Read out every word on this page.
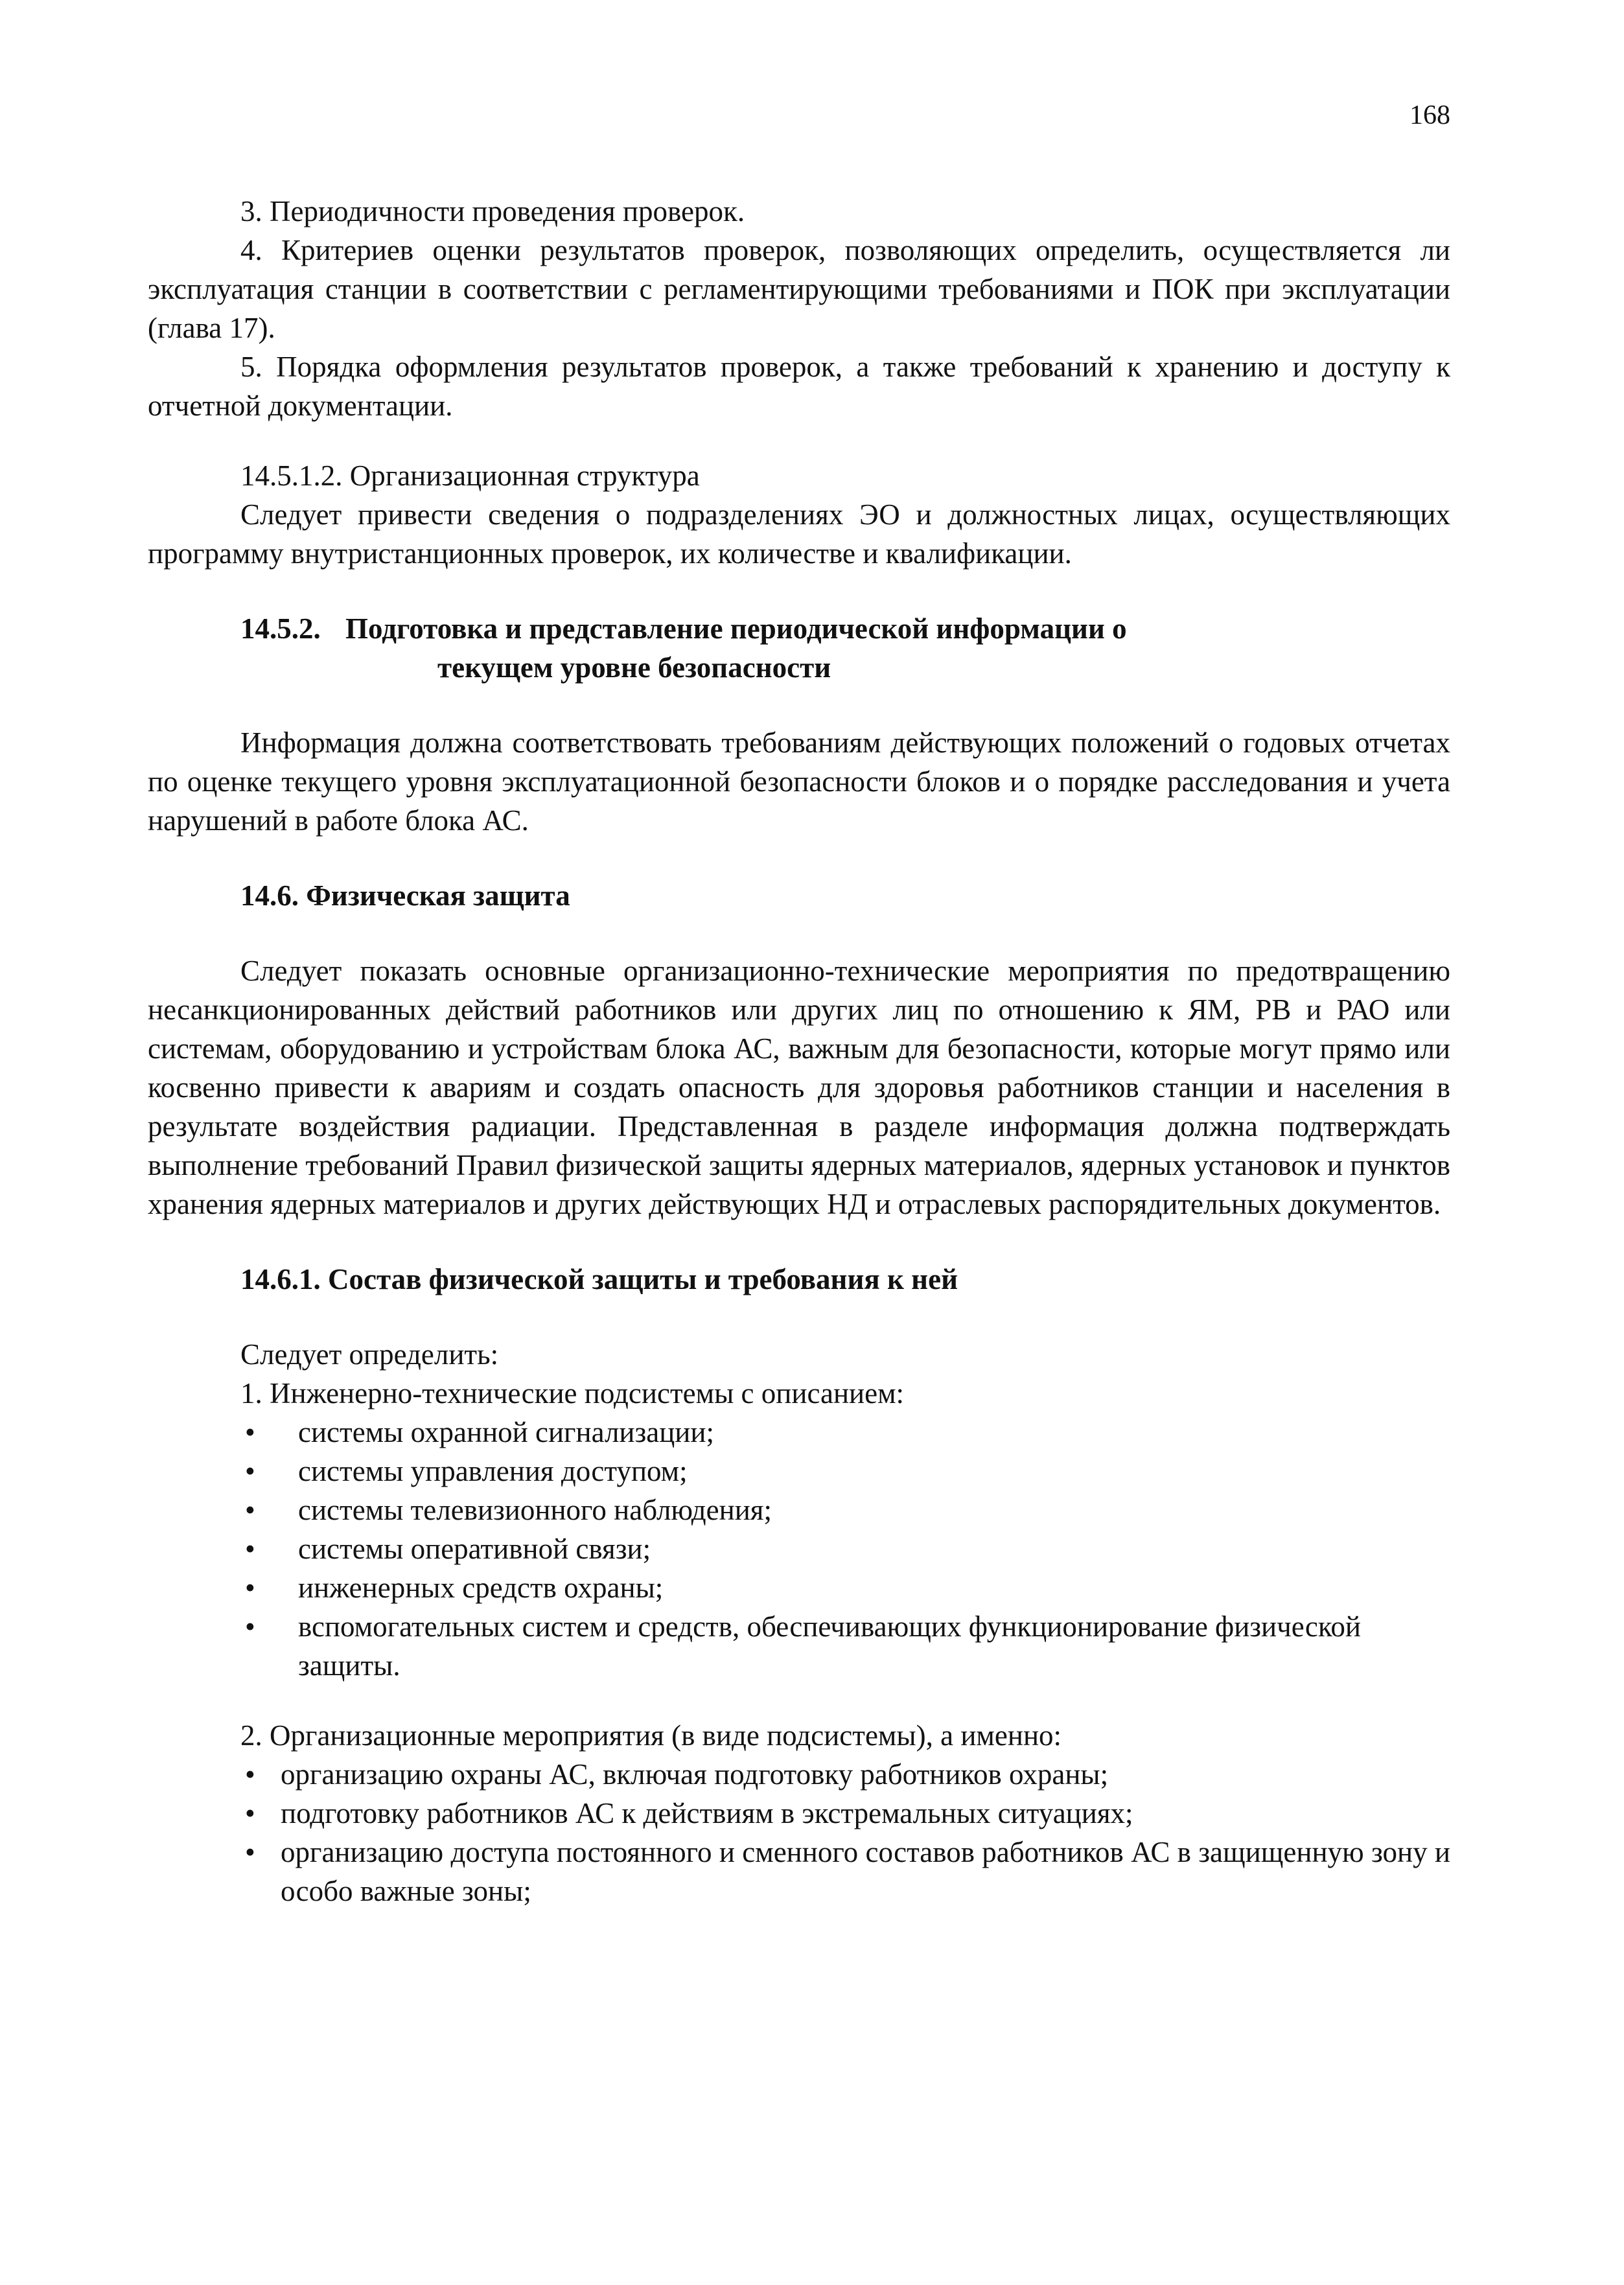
168

3. Периодичности проведения проверок.

4. Критериев оценки результатов проверок, позволяющих определить, осуществляется ли эксплуатация станции в соответствии с регламентирующими требованиями и ПОК при эксплуатации (глава 17).

5. Порядка оформления результатов проверок, а также требований к хранению и доступу к отчетной документации.

14.5.1.2. Организационная структура

Следует привести сведения о подразделениях ЭО и должностных лицах, осуществляющих программу внутристанционных проверок, их количестве и квалификации.

14.5.2. Подготовка и представление периодической информации о
текущем уровне безопасности

Информация должна соответствовать требованиям действующих положений о годовых отчетах по оценке текущего уровня эксплуатационной безопасности блоков и о порядке расследования и учета нарушений в работе блока АС.

14.6. Физическая защита

Следует показать основные организационно-технические мероприятия по предотвращению несанкционированных действий работников или других лиц по отношению к ЯМ, РВ и РАО или системам, оборудованию и устройствам блока АС, важным для безопасности, которые могут прямо или косвенно привести к авариям и создать опасность для здоровья работников станции и населения в результате воздействия радиации. Представленная в разделе информация должна подтверждать выполнение требований Правил физической защиты ядерных материалов, ядерных установок и пунктов хранения ядерных материалов и других действующих НД и отраслевых распорядительных документов.

14.6.1. Состав физической защиты и требования к ней

Следует определить:

1. Инженерно-технические подсистемы с описанием:

• системы охранной сигнализации;
• системы управления доступом;
• системы телевизионного наблюдения;
• системы оперативной связи;
• инженерных средств охраны;
• вспомогательных систем и средств, обеспечивающих функционирование физической защиты.

2. Организационные мероприятия (в виде подсистемы), а именно:

• организацию охраны АС, включая подготовку работников охраны;
• подготовку работников АС к действиям в экстремальных ситуациях;
• организацию доступа постоянного и сменного составов работников АС в защищенную зону и особо важные зоны;
